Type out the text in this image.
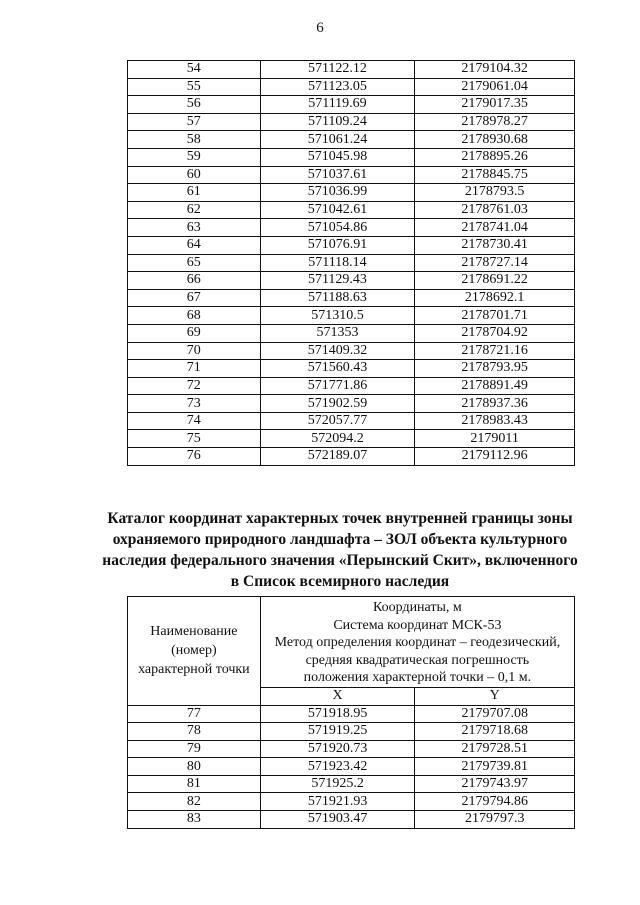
6
54	571122.12	2179104.32
55	571123.05	2179061.04
56	571119.69	2179017.35
57	571109.24	2178978.27
58	571061.24	2178930.68
59	571045.98	2178895.26
60	571037.61	2178845.75
61	571036.99	2178793.5
62	571042.61	2178761.03
63	571054.86	2178741.04
64	571076.91	2178730.41
65	571118.14	2178727.14
66	571129.43	2178691.22
67	571188.63	2178692.1
68	571310.5	2178701.71
69	571353	2178704.92
70	571409.32	2178721.16
71	571560.43	2178793.95
72	571771.86	2178891.49
73	571902.59	2178937.36
74	572057.77	2178983.43
75	572094.2	2179011
76	572189.07	2179112.96
Каталог координат характерных точек внутренней границы зоны охраняемого природного ландшафта – ЗОЛ объекта культурного наследия федерального значения «Перынский Скит», включенного в Список всемирного наследия
Наименование
(номер)
характерной точки	Координаты, м
Система координат МСК-53
Метод определения координат – геодезический,
средняя квадратическая погрешность
положения характерной точки – 0,1 м.	

	X	Y
77	571918.95	2179707.08
78	571919.25	2179718.68
79	571920.73	2179728.51
80	571923.42	2179739.81
81	571925.2	2179743.97
82	571921.93	2179794.86
83	571903.47	2179797.3
